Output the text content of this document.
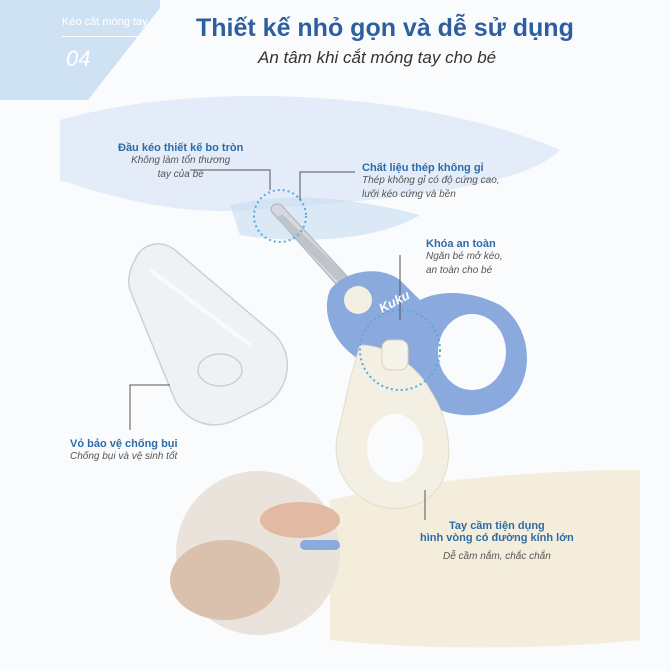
Kéo cắt móng tay
04
Thiết kế nhỏ gọn và dễ sử dụng
An tâm khi cắt móng tay cho bé
Kuku
Đầu kéo thiết kế bo tròn
Không làm tổn thương
tay của bé	Chất liệu thép không gỉ
Thép không gỉ có độ cứng cao,
lưỡi kéo cứng và bền
Khóa an toàn
Ngăn bé mở kéo,
an toàn cho bé
Vỏ bảo vệ chống bụi
Chống bụi và vệ sinh tốt
Tay cầm tiện dụng
hình vòng có đường kính lớn
Dễ cầm nắm, chắc chắn
